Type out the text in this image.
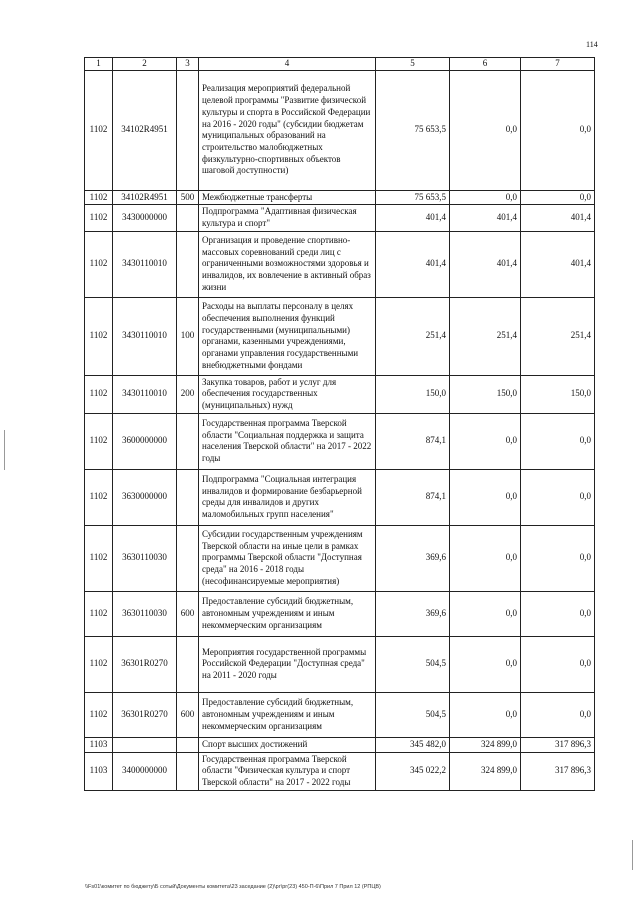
114
1	2	3	4	5	6	7
1102	34102R4951		Реализация мероприятий федеральной целевой программы "Развитие физической культуры и спорта в Российской Федерации на 2016 - 2020 годы" (субсидии бюджетам муниципальных образований на строительство малобюджетных физкультурно-спортивных объектов шаговой доступности)	75 653,5	0,0	0,0
1102	34102R4951	500	Межбюджетные трансферты	75 653,5	0,0	0,0
1102	3430000000		Подпрограмма "Адаптивная физическая культура и спорт"	401,4	401,4	401,4
1102	3430110010		Организация и проведение спортивно-массовых соревнований среди лиц с ограниченными возможностями здоровья и инвалидов, их вовлечение в активный образ жизни	401,4	401,4	401,4
1102	3430110010	100	Расходы на выплаты персоналу в целях обеспечения выполнения функций государственными (муниципальными) органами, казенными учреждениями, органами управления государственными внебюджетными фондами	251,4	251,4	251,4
1102	3430110010	200	Закупка товаров, работ и услуг для обеспечения государственных (муниципальных) нужд	150,0	150,0	150,0
1102	3600000000		Государственная программа Тверской области "Социальная поддержка и защита населения Тверской области" на 2017 - 2022 годы	874,1	0,0	0,0
1102	3630000000		Подпрограмма "Социальная интеграция инвалидов и формирование безбарьерной среды для инвалидов и других маломобильных групп населения"	874,1	0,0	0,0
1102	3630110030		Субсидии государственным учреждениям Тверской области на иные цели в рамках программы Тверской области "Доступная среда" на 2016 - 2018 годы (несофинансируемые мероприятия)	369,6	0,0	0,0
1102	3630110030	600	Предоставление субсидий бюджетным, автономным учреждениям и иным некоммерческим организациям	369,6	0,0	0,0
1102	36301R0270		Мероприятия государственной программы Российской Федерации "Доступная среда" на 2011 - 2020 годы	504,5	0,0	0,0
1102	36301R0270	600	Предоставление субсидий бюджетным, автономным учреждениям и иным некоммерческим организациям	504,5	0,0	0,0
1103			Спорт высших достижений	345 482,0	324 899,0	317 896,3
1103	3400000000		Государственная программа Тверской области "Физическая культура и спорт Тверской области" на 2017 - 2022 годы	345 022,2	324 899,0	317 896,3
\\Fs01\комитет по бюджету\Б сотый\Документы комитета\23 заседание (2)\рг\рг(23) 450-П-6\Прил 7 Прил 12 (РПЦВ)
